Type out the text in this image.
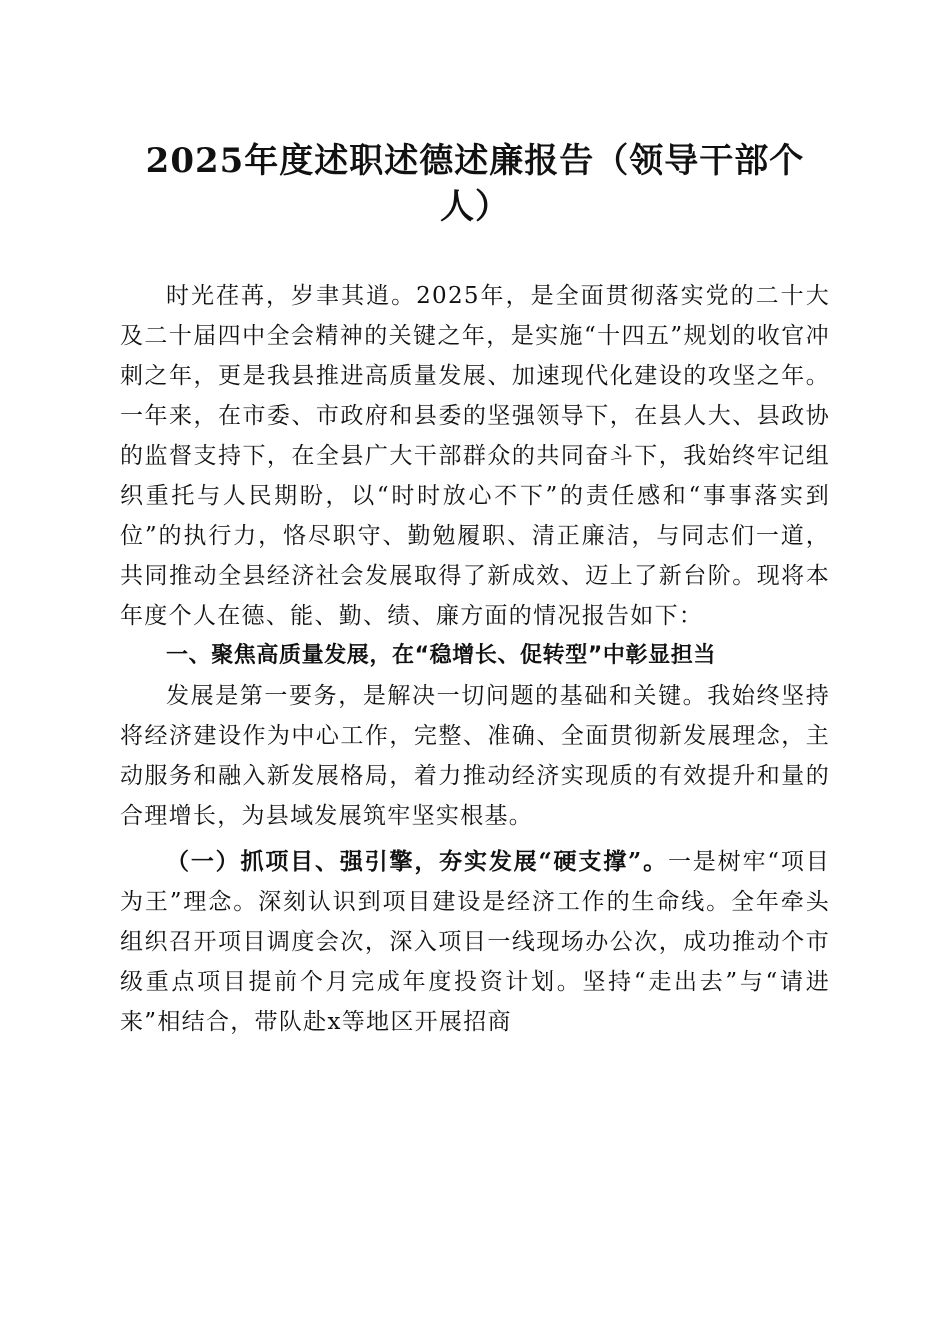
2025年度述职述德述廉报告（领导干部个人）

时光荏苒，岁聿其逍。2025年，是全面贯彻落实党的二十大及二十届四中全会精神的关键之年，是实施“十四五”规划的收官冲刺之年，更是我县推进高质量发展、加速现代化建设的攻坚之年。一年来，在市委、市政府和县委的坚强领导下，在县人大、县政协的监督支持下，在全县广大干部群众的共同奋斗下，我始终牢记组织重托与人民期盼，以“时时放心不下”的责任感和“事事落实到位”的执行力，恪尽职守、勤勉履职、清正廉洁，与同志们一道，共同推动全县经济社会发展取得了新成效、迈上了新台阶。现将本年度个人在德、能、勤、绩、廉方面的情况报告如下：

一、聚焦高质量发展，在“稳增长、促转型”中彰显担当

发展是第一要务，是解决一切问题的基础和关键。我始终坚持将经济建设作为中心工作，完整、准确、全面贯彻新发展理念，主动服务和融入新发展格局，着力推动经济实现质的有效提升和量的合理增长，为县域发展筑牢坚实根基。

（一）抓项目、强引擎，夯实发展“硬支撑”。一是树牢“项目为王”理念。深刻认识到项目建设是经济工作的生命线。全年牵头组织召开项目调度会次，深入项目一线现场办公次，成功推动个市级重点项目提前个月完成年度投资计划。坚持“走出去”与“请进来”相结合，带队赴x等地区开展招商
